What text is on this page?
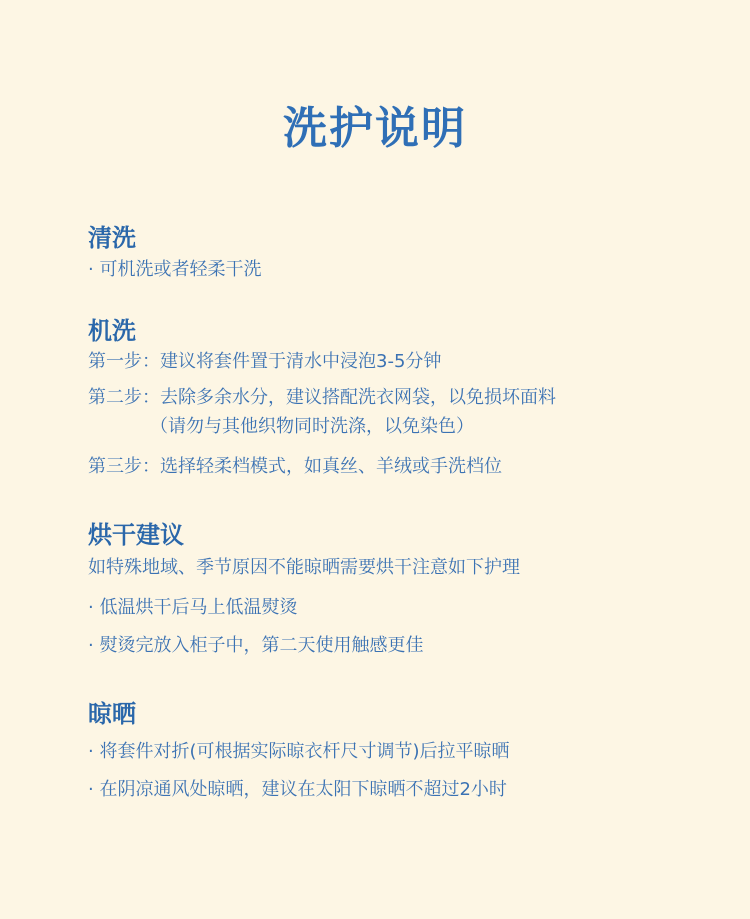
洗护说明
清洗

· 可机洗或者轻柔干洗

机洗

第一步：建议将套件置于清水中浸泡3-5分钟

第二步：去除多余水分，建议搭配洗衣网袋，以免损坏面料

（请勿与其他织物同时洗涤，以免染色）

第三步：选择轻柔档模式，如真丝、羊绒或手洗档位

烘干建议

如特殊地域、季节原因不能晾晒需要烘干注意如下护理

· 低温烘干后马上低温熨烫

· 熨烫完放入柜子中，第二天使用触感更佳

晾晒

· 将套件对折(可根据实际晾衣杆尺寸调节)后拉平晾晒

· 在阴凉通风处晾晒，建议在太阳下晾晒不超过2小时
